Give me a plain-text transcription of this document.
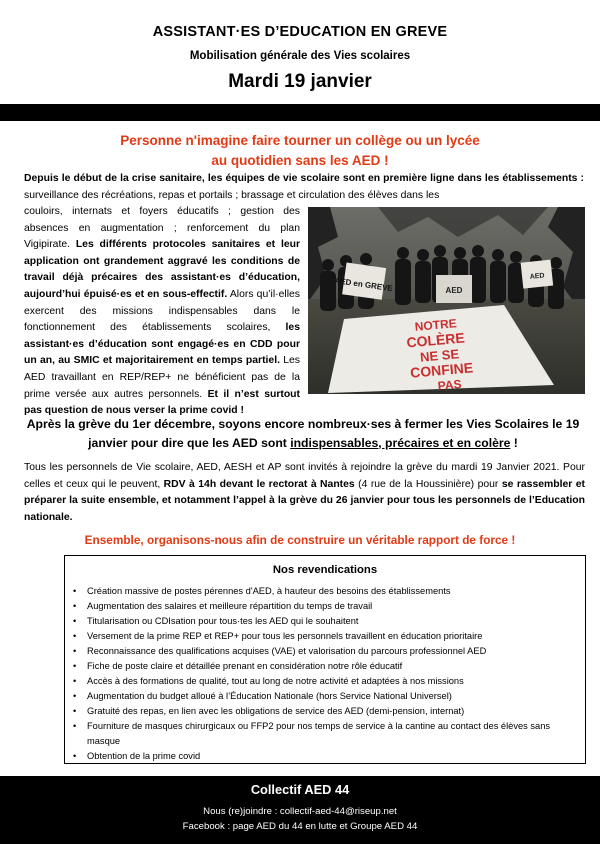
ASSISTANT·ES D’EDUCATION EN GREVE
Mobilisation générale des Vies scolaires
Mardi 19 janvier
Personne n'imagine faire tourner un collège ou un lycée
au quotidien sans les AED !
Depuis le début de la crise sanitaire, les équipes de vie scolaire sont en première ligne dans les établissements : surveillance des récréations, repas et portails ; brassage et circulation des élèves dans les
couloirs, internats et foyers éducatifs ; gestion des absences en augmentation ; renforcement du plan Vigipirate. Les différents protocoles sanitaires et leur application ont grandement aggravé les conditions de travail déjà précaires des assistant·es d’éducation, aujourd’hui épuisé·es et en sous-effectif. Alors qu’il·elles exercent des missions indispensables dans le fonctionnement des établissements scolaires, les assistant·es d’éducation sont engagé·es en CDD pour un an, au SMIC et majoritairement en temps partiel. Les AED travaillant en REP/REP+ ne bénéficient pas de la prime versée aux autres personnels. Et il n’est surtout pas question de nous verser la prime covid !
AED en GREVE	AED
AED
NOTRE
COLÈRE
NE SE
CONFINE
PAS
Après la grève du 1er décembre, soyons encore nombreux·ses à fermer les Vies Scolaires le 19 janvier pour dire que les AED sont indispensables, précaires et en colère !
Tous les personnels de Vie scolaire, AED, AESH et AP sont invités à rejoindre la grève du mardi 19 Janvier 2021. Pour celles et ceux qui le peuvent, RDV à 14h devant le rectorat à Nantes (4 rue de la Houssinière) pour se rassembler et préparer la suite ensemble, et notamment l’appel à la grève du 26 janvier pour tous les personnels de l’Education nationale.
Ensemble, organisons-nous afin de construire un véritable rapport de force !
Nos revendications
• Création massive de postes pérennes d'AED, à hauteur des besoins des établissements
• Augmentation des salaires et meilleure répartition du temps de travail
• Titularisation ou CDIsation pour tous·tes les AED qui le souhaitent
• Versement de la prime REP et REP+ pour tous les personnels travaillent en éducation prioritaire
• Reconnaissance des qualifications acquises (VAE) et valorisation du parcours professionnel AED
• Fiche de poste claire et détaillée prenant en considération notre rôle éducatif
• Accès à des formations de qualité, tout au long de notre activité et adaptées à nos missions
• Augmentation du budget alloué à l’Éducation Nationale (hors Service National Universel)
• Gratuité des repas, en lien avec les obligations de service des AED (demi-pension, internat)
• Fourniture de masques chirurgicaux ou FFP2 pour nos temps de service à la cantine au contact des élèves sans masque
• Obtention de la prime covid
Collectif AED 44
Nous (re)joindre : collectif-aed-44@riseup.net
Facebook : page AED du 44 en lutte et Groupe AED 44
